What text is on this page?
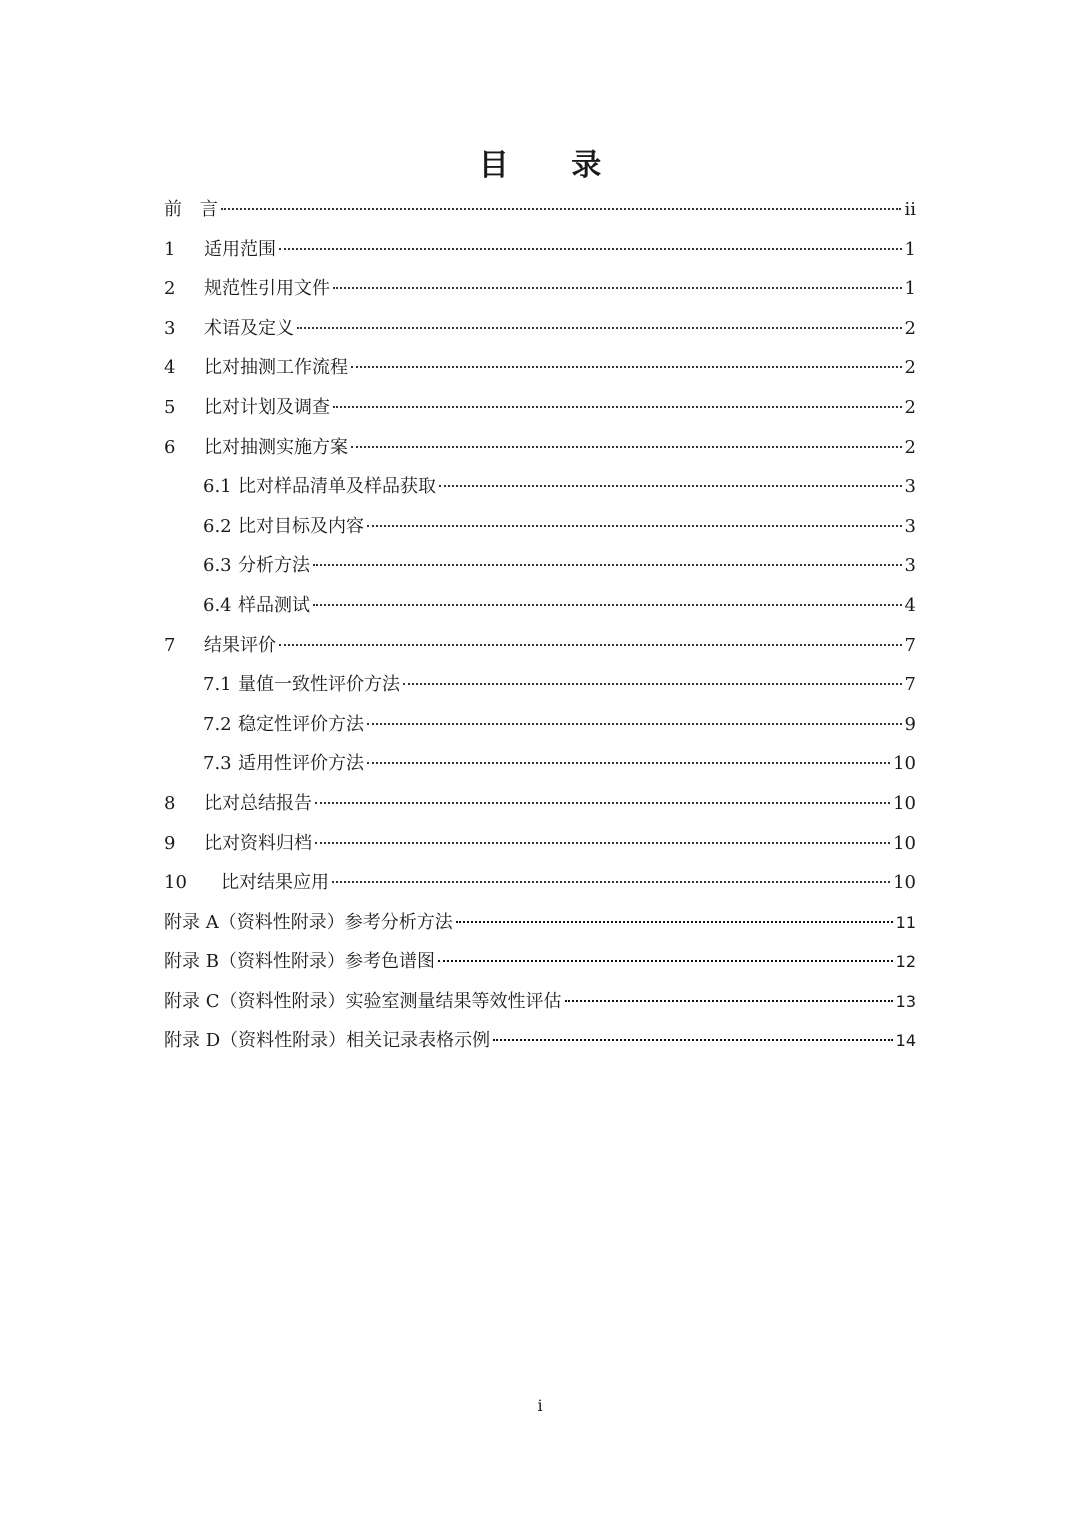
目 录
前　言	ii
1	适用范围	1
2	规范性引用文件	1
3	术语及定义	2
4	比对抽测工作流程	2
5	比对计划及调查	2
6	比对抽测实施方案	2
6.1 比对样品清单及样品获取	3
6.2 比对目标及内容	3
6.3 分析方法	3
6.4 样品测试	4
7	结果评价	7
7.1 量值一致性评价方法	7
7.2 稳定性评价方法	9
7.3 适用性评价方法	10
8	比对总结报告	10
9	比对资料归档	10
10	比对结果应用	10
附录 A（资料性附录）参考分析方法	11
附录 B（资料性附录）参考色谱图	12
附录 C（资料性附录）实验室测量结果等效性评估	13
附录 D（资料性附录）相关记录表格示例	14
i
